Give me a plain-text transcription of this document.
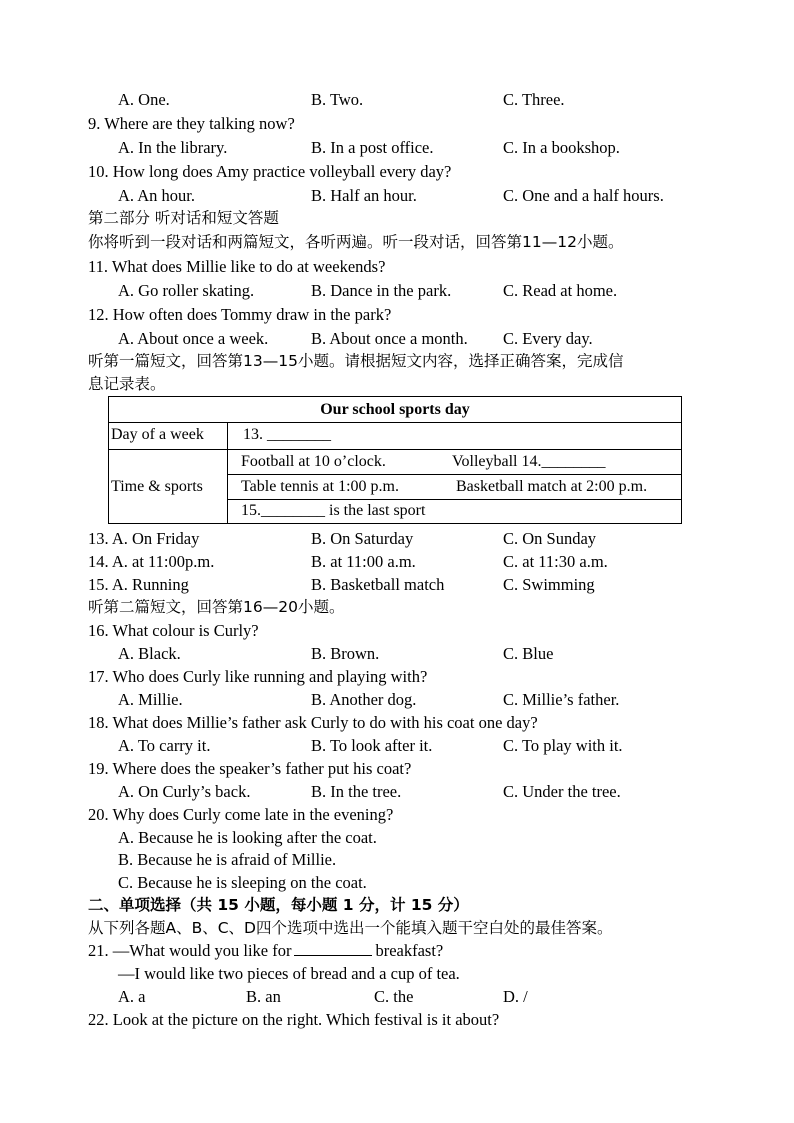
A. One.	B. Two.	C. Three.
9. Where are they talking now?
A. In the library.	B. In a post office.	C. In a bookshop.
10. How long does Amy practice volleyball every day?
A. An hour.	B. Half an hour.	C. One and a half hours.
第二部分 听对话和短文答题
你将听到一段对话和两篇短文，各听两遍。听一段对话，回答第11—12小题。
11. What does Millie like to do at weekends?
A. Go roller skating.	B. Dance in the park.	C. Read at home.
12. How often does Tommy draw in the park?
A. About once a week.	B. About once a month. C. Every day.
听第一篇短文，回答第13—15小题。请根据短文内容，选择正确答案，完成信
息记录表。
13. A. On Friday	B. On Saturday	C. On Sunday
14. A. at 11:00p.m.	B. at 11:00 a.m.	C. at 11:30 a.m.
15. A. Running	B. Basketball match	C. Swimming
听第二篇短文，回答第16—20小题。
16. What colour is Curly?
A. Black.	B. Brown.	C. Blue
17. Who does Curly like running and playing with?
A. Millie.	B. Another dog.	C. Millie’s father.
18. What does Millie’s father ask Curly to do with his coat one day?
A. To carry it.	B. To look after it.	C. To play with it.
19. Where does the speaker’s father put his coat?
A. On Curly’s back.	B. In the tree.	C. Under the tree.
20. Why does Curly come late in the evening?
A. Because he is looking after the coat.
B. Because he is afraid of Millie.
C. Because he is sleeping on the coat.
二、单项选择（共 15 小题，每小题 1 分，计 15 分）
从下列各题A、B、C、D四个选项中选出一个能填入题干空白处的最佳答案。
21. —What would you like for	breakfast?
—I would like two pieces of bread and a cup of tea.
A. a	B. an	C. the	D. /
22. Look at the picture on the right. Which festival is it about?
Our school sports day
Day of a week 13. ________
Time & sports
Football at 10 o’clock.	Volleyball 14.________
Table tennis at 1:00 p.m.	Basketball match at 2:00 p.m.
15.________ is the last sport
